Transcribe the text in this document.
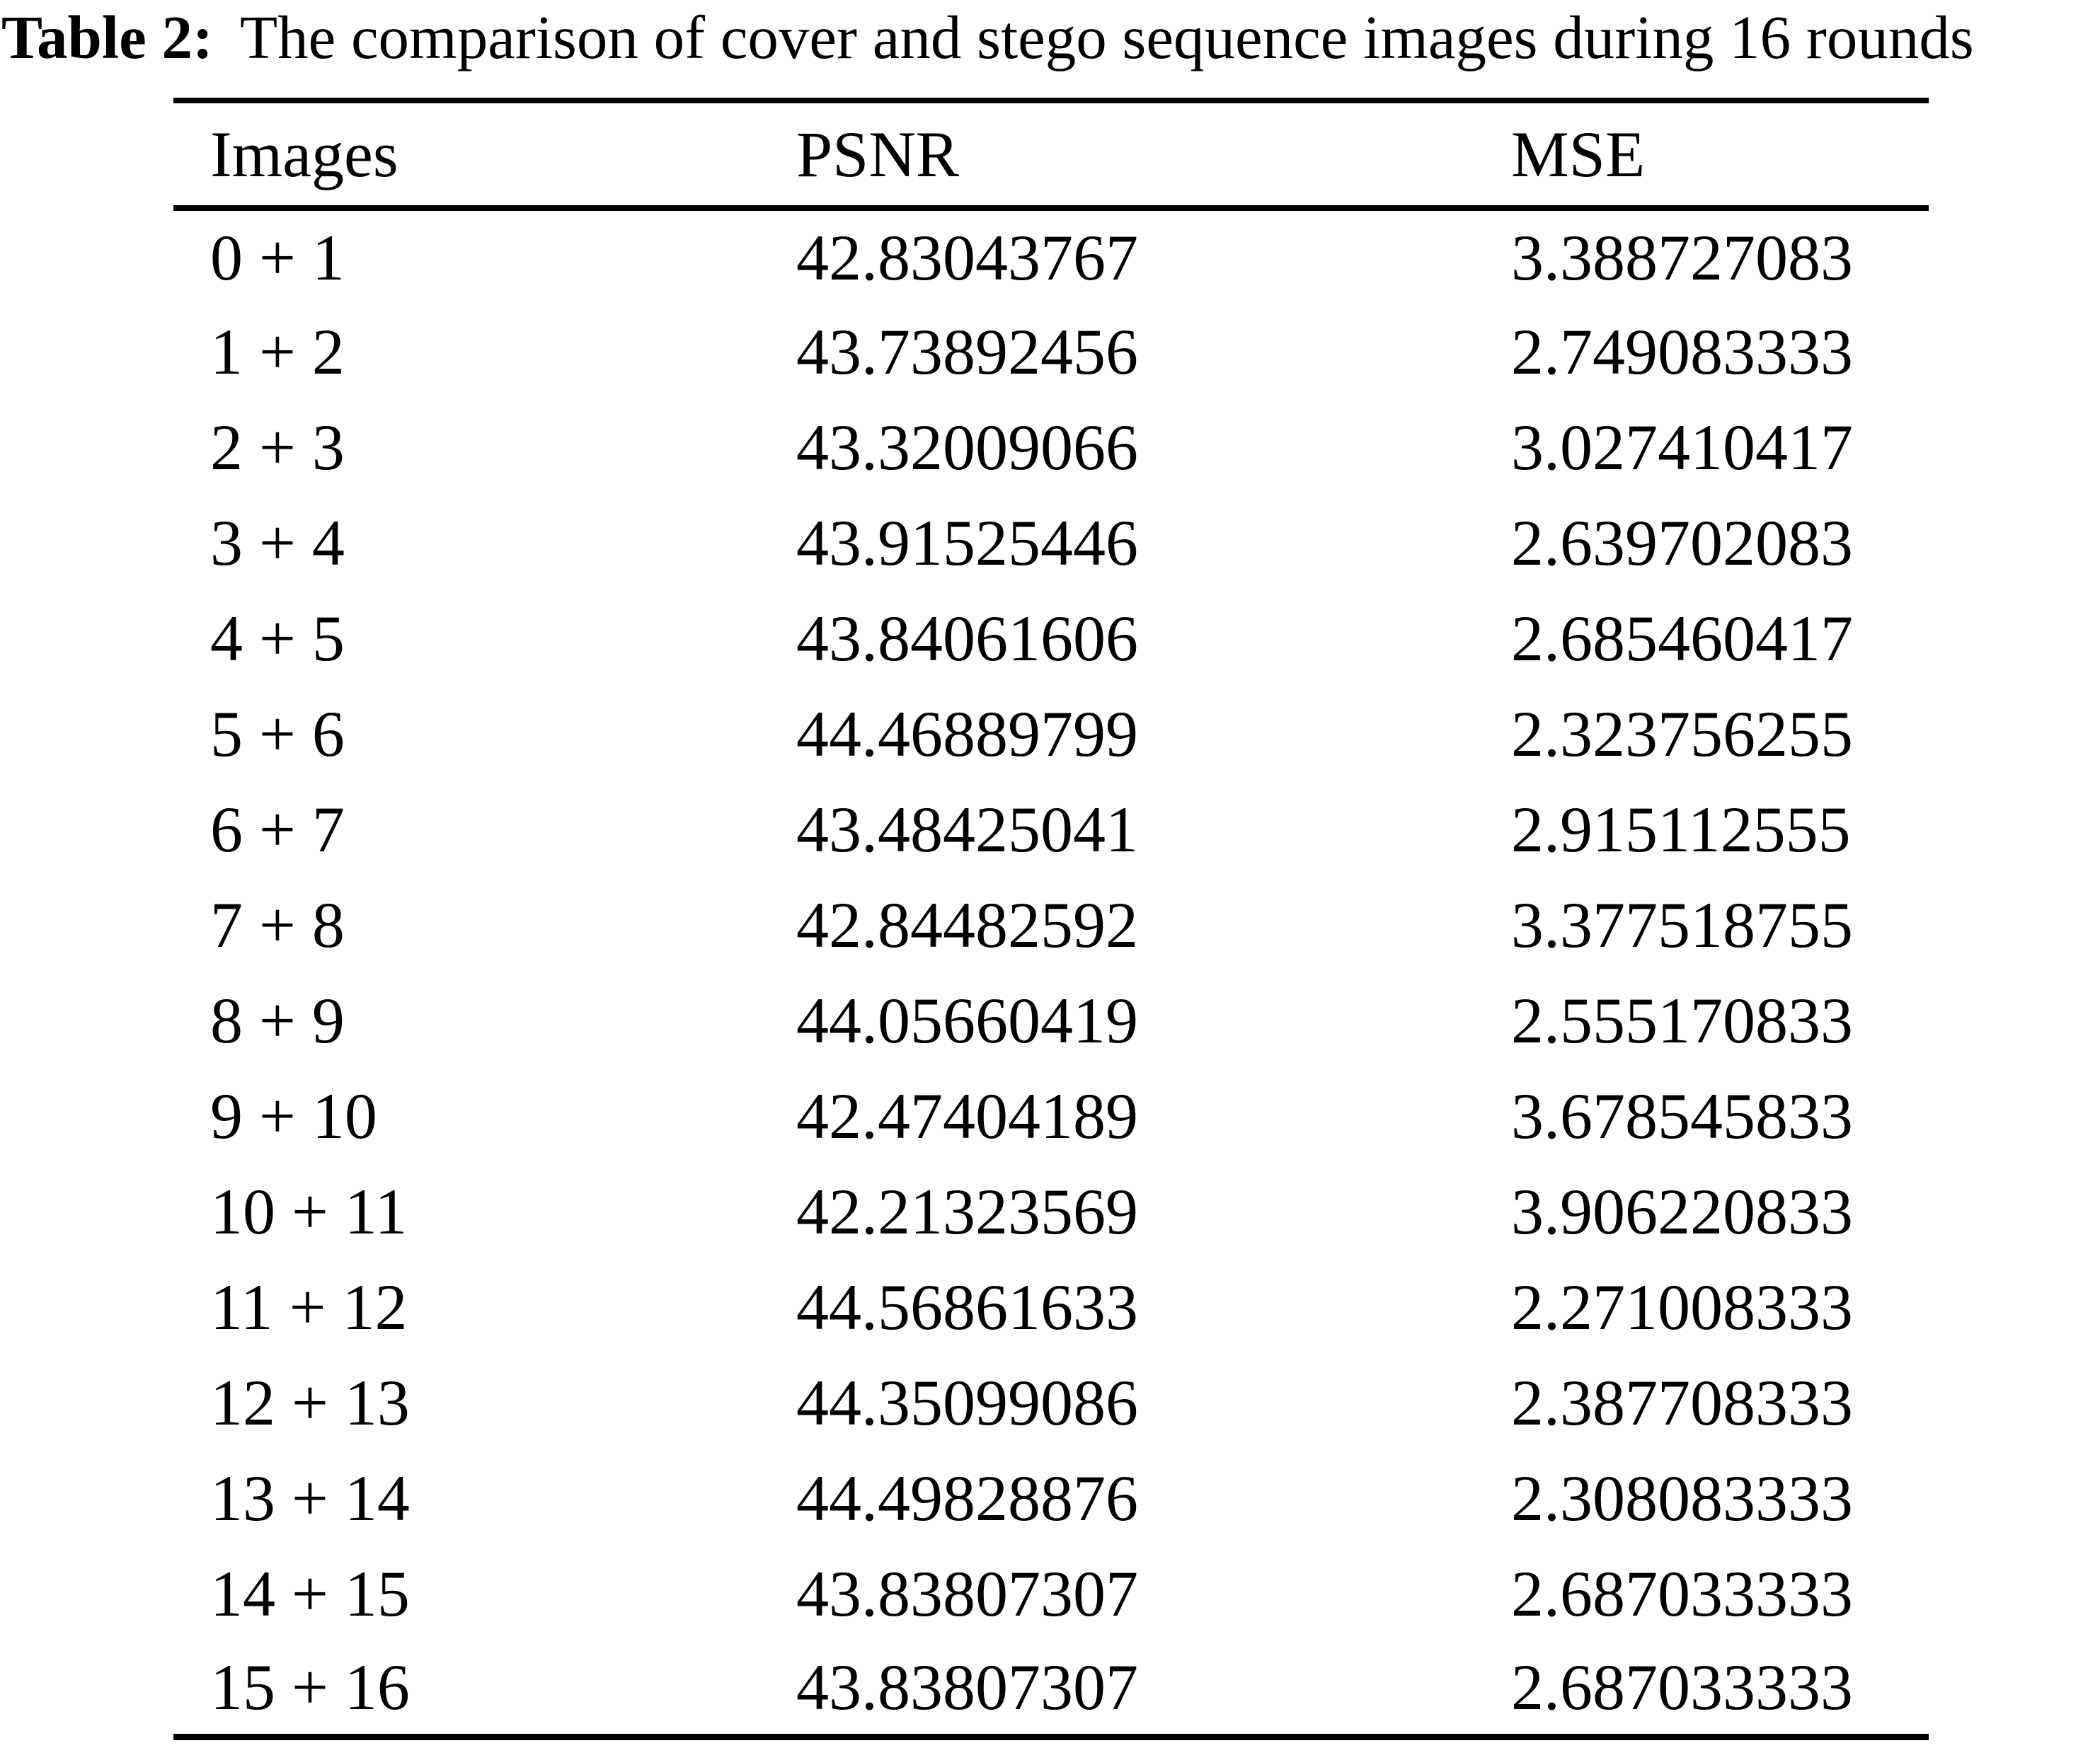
Table 2: The comparison of cover and stego sequence images during 16 rounds
Images	PSNR	MSE
0 + 1	42.83043767	3.388727083
1 + 2	43.73892456	2.749083333
2 + 3	43.32009066	3.027410417
3 + 4	43.91525446	2.639702083
4 + 5	43.84061606	2.685460417
5 + 6	44.46889799	2.323756255
6 + 7	43.48425041	2.915112555
7 + 8	42.84482592	3.377518755
8 + 9	44.05660419	2.555170833
9 + 10	42.47404189	3.678545833
10 + 11	42.21323569	3.906220833
11 + 12	44.56861633	2.271008333
12 + 13	44.35099086	2.387708333
13 + 14	44.49828876	2.308083333
14 + 15	43.83807307	2.687033333
15 + 16	43.83807307	2.687033333
